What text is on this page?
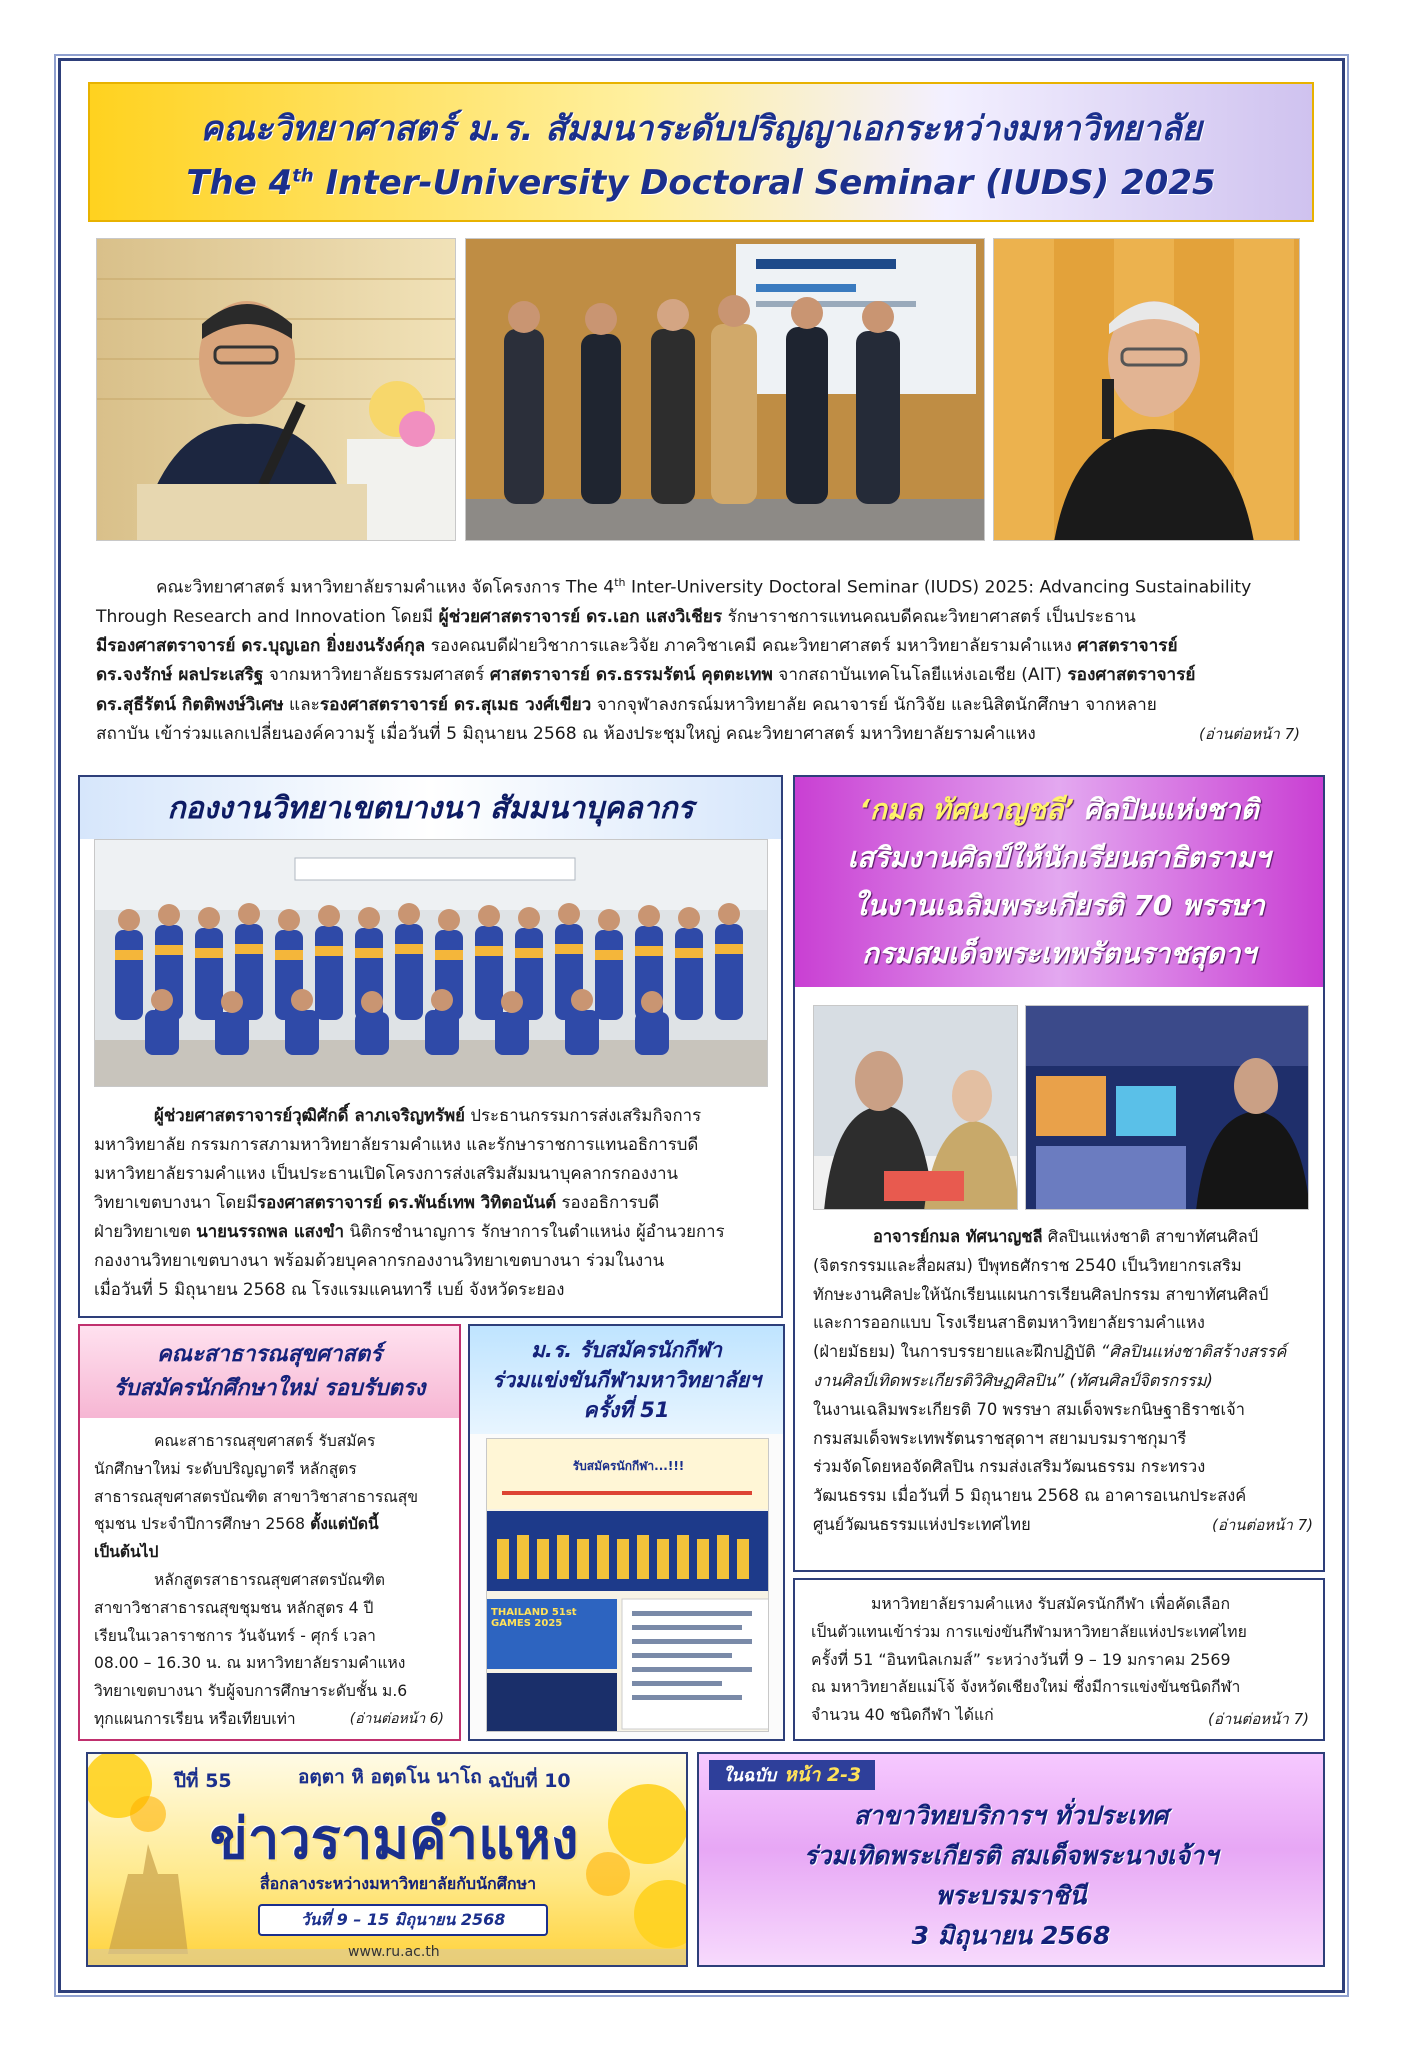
คณะวิทยาศาสตร์ ม.ร. สัมมนาระดับปริญญาเอกระหว่างมหาวิทยาลัย
The 4th Inter-University Doctoral Seminar (IUDS) 2025
คณะวิทยาศาสตร์ มหาวิทยาลัยรามคำแหง จัดโครงการ The 4th Inter-University Doctoral Seminar (IUDS) 2025: Advancing Sustainability
Through Research and Innovation โดยมี ผู้ช่วยศาสตราจารย์ ดร.เอก แสงวิเชียร รักษาราชการแทนคณบดีคณะวิทยาศาสตร์ เป็นประธาน
มีรองศาสตราจารย์ ดร.บุญเอก ยิ่งยงนรังค์กุล รองคณบดีฝ่ายวิชาการและวิจัย ภาควิชาเคมี คณะวิทยาศาสตร์ มหาวิทยาลัยรามคำแหง ศาสตราจารย์
ดร.จงรักษ์ ผลประเสริฐ จากมหาวิทยาลัยธรรมศาสตร์ ศาสตราจารย์ ดร.ธรรมรัตน์ คุตตะเทพ จากสถาบันเทคโนโลยีแห่งเอเชีย (AIT) รองศาสตราจารย์
ดร.สุธีรัตน์ กิตติพงษ์วิเศษ และรองศาสตราจารย์ ดร.สุเมธ วงศ์เขียว จากจุฬาลงกรณ์มหาวิทยาลัย คณาจารย์ นักวิจัย และนิสิตนักศึกษา จากหลาย
สถาบัน เข้าร่วมแลกเปลี่ยนองค์ความรู้ เมื่อวันที่ 5 มิถุนายน 2568 ณ ห้องประชุมใหญ่ คณะวิทยาศาสตร์ มหาวิทยาลัยรามคำแหง	(อ่านต่อหน้า 7)
กองงานวิทยาเขตบางนา สัมมนาบุคลากร
ผู้ช่วยศาสตราจารย์วุฒิศักดิ์ ลาภเจริญทรัพย์ ประธานกรรมการส่งเสริมกิจการ
มหาวิทยาลัย กรรมการสภามหาวิทยาลัยรามคำแหง และรักษาราชการแทนอธิการบดี
มหาวิทยาลัยรามคำแหง เป็นประธานเปิดโครงการส่งเสริมสัมมนาบุคลากรกองงาน
วิทยาเขตบางนา โดยมีรองศาสตราจารย์ ดร.พันธ์เทพ วิทิตอนันต์ รองอธิการบดี
ฝ่ายวิทยาเขต นายนรรถพล แสงขำ นิติกรชำนาญการ รักษาการในตำแหน่ง ผู้อำนวยการ
กองงานวิทยาเขตบางนา พร้อมด้วยบุคลากรกองงานวิทยาเขตบางนา ร่วมในงาน
เมื่อวันที่ 5 มิถุนายน 2568 ณ โรงแรมแคนทารี เบย์ จังหวัดระยอง
‘กมล ทัศนาญชลี’ ศิลปินแห่งชาติ
เสริมงานศิลป์ให้นักเรียนสาธิตรามฯ
ในงานเฉลิมพระเกียรติ 70 พรรษา
กรมสมเด็จพระเทพรัตนราชสุดาฯ
อาจารย์กมล ทัศนาญชลี ศิลปินแห่งชาติ สาขาทัศนศิลป์
(จิตรกรรมและสื่อผสม) ปีพุทธศักราช 2540 เป็นวิทยากรเสริม
ทักษะงานศิลปะให้นักเรียนแผนการเรียนศิลปกรรม สาขาทัศนศิลป์
และการออกแบบ โรงเรียนสาธิตมหาวิทยาลัยรามคำแหง
(ฝ่ายมัธยม) ในการบรรยายและฝึกปฏิบัติ “ศิลปินแห่งชาติสร้างสรรค์
งานศิลป์เทิดพระเกียรติวิศิษฏศิลปิน” (ทัศนศิลป์จิตรกรรม)
ในงานเฉลิมพระเกียรติ 70 พรรษา สมเด็จพระกนิษฐาธิราชเจ้า
กรมสมเด็จพระเทพรัตนราชสุดาฯ สยามบรมราชกุมารี
ร่วมจัดโดยหอจัดศิลปิน กรมส่งเสริมวัฒนธรรม กระทรวง
วัฒนธรรม เมื่อวันที่ 5 มิถุนายน 2568 ณ อาคารอเนกประสงค์
ศูนย์วัฒนธรรมแห่งประเทศไทย	(อ่านต่อหน้า 7)
คณะสาธารณสุขศาสตร์
รับสมัครนักศึกษาใหม่ รอบรับตรง
คณะสาธารณสุขศาสตร์ รับสมัคร
นักศึกษาใหม่ ระดับปริญญาตรี หลักสูตร
สาธารณสุขศาสตรบัณฑิต สาขาวิชาสาธารณสุข
ชุมชน ประจำปีการศึกษา 2568 ตั้งแต่บัดนี้
เป็นต้นไป
หลักสูตรสาธารณสุขศาสตรบัณฑิต
สาขาวิชาสาธารณสุขชุมชน หลักสูตร 4 ปี
เรียนในเวลาราชการ วันจันทร์ - ศุกร์ เวลา
08.00 – 16.30 น. ณ มหาวิทยาลัยรามคำแหง
วิทยาเขตบางนา รับผู้จบการศึกษาระดับชั้น ม.6
ทุกแผนการเรียน หรือเทียบเท่า	(อ่านต่อหน้า 6)
ม.ร. รับสมัครนักกีฬา
ร่วมแข่งขันกีฬามหาวิทยาลัยฯ
ครั้งที่ 51
รับสมัครนักกีฬา...!!!
THAILAND 51st GAMES 2025
มหาวิทยาลัยรามคำแหง รับสมัครนักกีฬา เพื่อคัดเลือก
เป็นตัวแทนเข้าร่วม การแข่งขันกีฬามหาวิทยาลัยแห่งประเทศไทย
ครั้งที่ 51 “อินทนิลเกมส์” ระหว่างวันที่ 9 – 19 มกราคม 2569
ณ มหาวิทยาลัยแม่โจ้ จังหวัดเชียงใหม่ ซึ่งมีการแข่งขันชนิดกีฬา
จำนวน 40 ชนิดกีฬา ได้แก่	(อ่านต่อหน้า 7)
ปีที่ 55	อตฺตา หิ อตฺตโน นาโถ ฉบับที่ 10
ข่าวรามคำแหง
สื่อกลางระหว่างมหาวิทยาลัยกับนักศึกษา
วันที่ 9 – 15 มิถุนายน 2568
www.ru.ac.th
ในฉบับ หน้า 2-3
สาขาวิทยบริการฯ ทั่วประเทศ
ร่วมเทิดพระเกียรติ สมเด็จพระนางเจ้าฯ
พระบรมราชินี
3 มิถุนายน 2568
